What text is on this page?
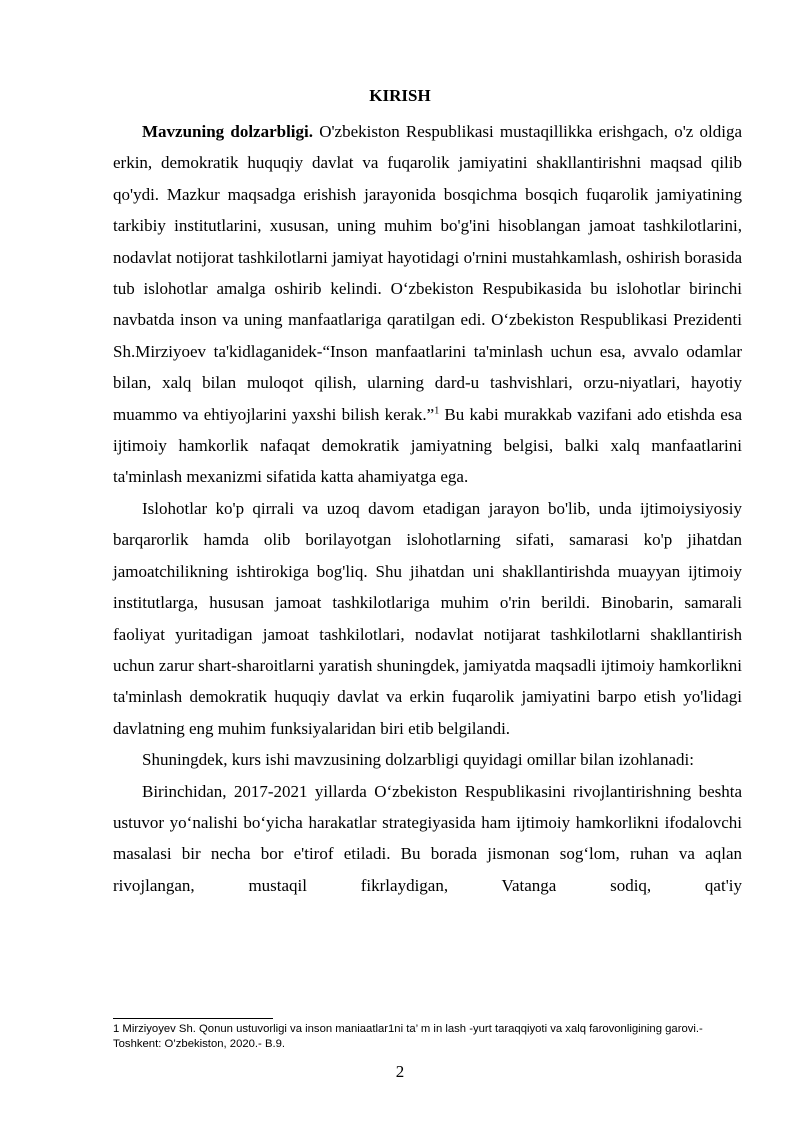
KIRISH

Mavzuning dolzarbligi. O'zbekiston Respublikasi mustaqillikka erishgach, o'z oldiga erkin, demokratik huquqiy davlat va fuqarolik jamiyatini shakllantirishni maqsad qilib qo'ydi. Mazkur maqsadga erishish jarayonida bosqichma bosqich fuqarolik jamiyatining tarkibiy institutlarini, xususan, uning muhim bo'g'ini hisoblangan jamoat tashkilotlarini, nodavlat notijorat tashkilotlarni jamiyat hayotidagi o'rnini mustahkamlash, oshirish borasida tub islohotlar amalga oshirib kelindi. O‘zbekiston Respubikasida bu islohotlar birinchi navbatda inson va uning manfaatlariga qaratilgan edi. O‘zbekiston Respublikasi Prezidenti Sh.Mirziyoev ta'kidlaganidek-“Inson manfaatlarini ta'minlash uchun esa, avvalo odamlar bilan, xalq bilan muloqot qilish, ularning dard-u tashvishlari, orzu-niyatlari, hayotiy muammo va ehtiyojlarini yaxshi bilish kerak.”$^1$ Bu kabi murakkab vazifani ado etishda esa ijtimoiy hamkorlik nafaqat demokratik jamiyatning belgisi, balki xalq manfaatlarini ta'minlash mexanizmi sifatida katta ahamiyatga ega.

Islohotlar ko'p qirrali va uzoq davom etadigan jarayon bo'lib, unda ijtimoiysiyosiy barqarorlik hamda olib borilayotgan islohotlarning sifati, samarasi ko'p jihatdan jamoatchilikning ishtirokiga bog'liq. Shu jihatdan uni shakllantirishda muayyan ijtimoiy institutlarga, hususan jamoat tashkilotlariga muhim o'rin berildi. Binobarin, samarali faoliyat yuritadigan jamoat tashkilotlari, nodavlat notijarat tashkilotlarni shakllantirish uchun zarur shart-sharoitlarni yaratish shuningdek, jamiyatda maqsadli ijtimoiy hamkorlikni ta'minlash demokratik huquqiy davlat va erkin fuqarolik jamiyatini barpo etish yo'lidagi davlatning eng muhim funksiyalaridan biri etib belgilandi.

Shuningdek, kurs ishi mavzusining dolzarbligi quyidagi omillar bilan izohlanadi:

Birinchidan, 2017-2021 yillarda O‘zbekiston Respublikasini rivojlantirishning beshta ustuvor yo‘nalishi bo‘yicha harakatlar strategiyasida ham ijtimoiy hamkorlikni ifodalovchi masalasi bir necha bor e'tirof etiladi. Bu borada jismonan sog‘lom, ruhan va aqlan rivojlangan, mustaqil fikrlaydigan, Vatanga sodiq, qat'iy

1 Mirziyoyev Sh. Qonun ustuvorligi va inson maniaatlar1ni ta’ m in lash -yurt taraqqiyoti va xalq farovonligining garovi.-Toshkent: O’zbekiston, 2020.- B.9.
2
